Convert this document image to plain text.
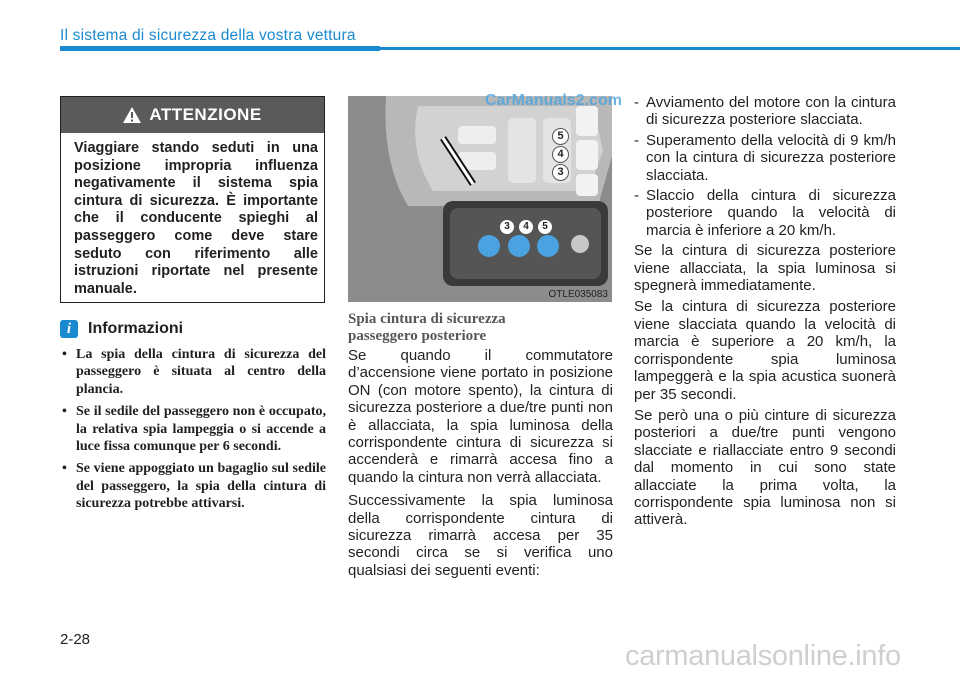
Il sistema di sicurezza della vostra vettura
ATTENZIONE
Viaggiare stando seduti in una posizione impropria influenza negativamente il sistema spia cintura di sicurezza. È importante che il conducente spieghi al passeggero come deve stare seduto con riferimento alle istruzioni riportate nel presente manuale.
i	Informazioni
• La spia della cintura di sicurezza del passeggero è situata al centro della plancia.
• Se il sedile del passeggero non è occupato, la relativa spia lampeggia o si accende a luce fissa comunque per 6 secondi.
• Se viene appoggiato un bagaglio sul sedile del passeggero, la spia della cintura di sicurezza potrebbe attivarsi.
5
4
3
3	4	5
OTLE035083
CarManuals2.com
Spia cintura di sicurezza
passeggero posteriore

Se quando il commutatore d’accensione viene portato in posizione ON (con motore spento), la cintura di sicurezza posteriore a due/tre punti non è allacciata, la spia luminosa della corrispondente cintura di sicurezza si accenderà e rimarrà accesa fino a quando la cintura non verrà allacciata.

Successivamente la spia luminosa della corrispondente cintura di sicurezza rimarrà accesa per 35 secondi circa se si verifica uno qualsiasi dei seguenti eventi:

- Avviamento del motore con la cintura di sicurezza posteriore slacciata.
- Superamento della velocità di 9 km/h con la cintura di sicurezza posteriore slacciata.
- Slaccio della cintura di sicurezza posteriore quando la velocità di marcia è inferiore a 20 km/h.

Se la cintura di sicurezza posteriore viene allacciata, la spia luminosa si spegnerà immediatamente.

Se la cintura di sicurezza posteriore viene slacciata quando la velocità di marcia è superiore a 20 km/h, la corrispondente spia luminosa lampeggerà e la spia acustica suonerà per 35 secondi.

Se però una o più cinture di sicurezza posteriori a due/tre punti vengono slacciate e riallacciate entro 9 secondi dal momento in cui sono state allacciate la prima volta, la corrispondente spia luminosa non si attiverà.

2-28
carmanualsonline.info
